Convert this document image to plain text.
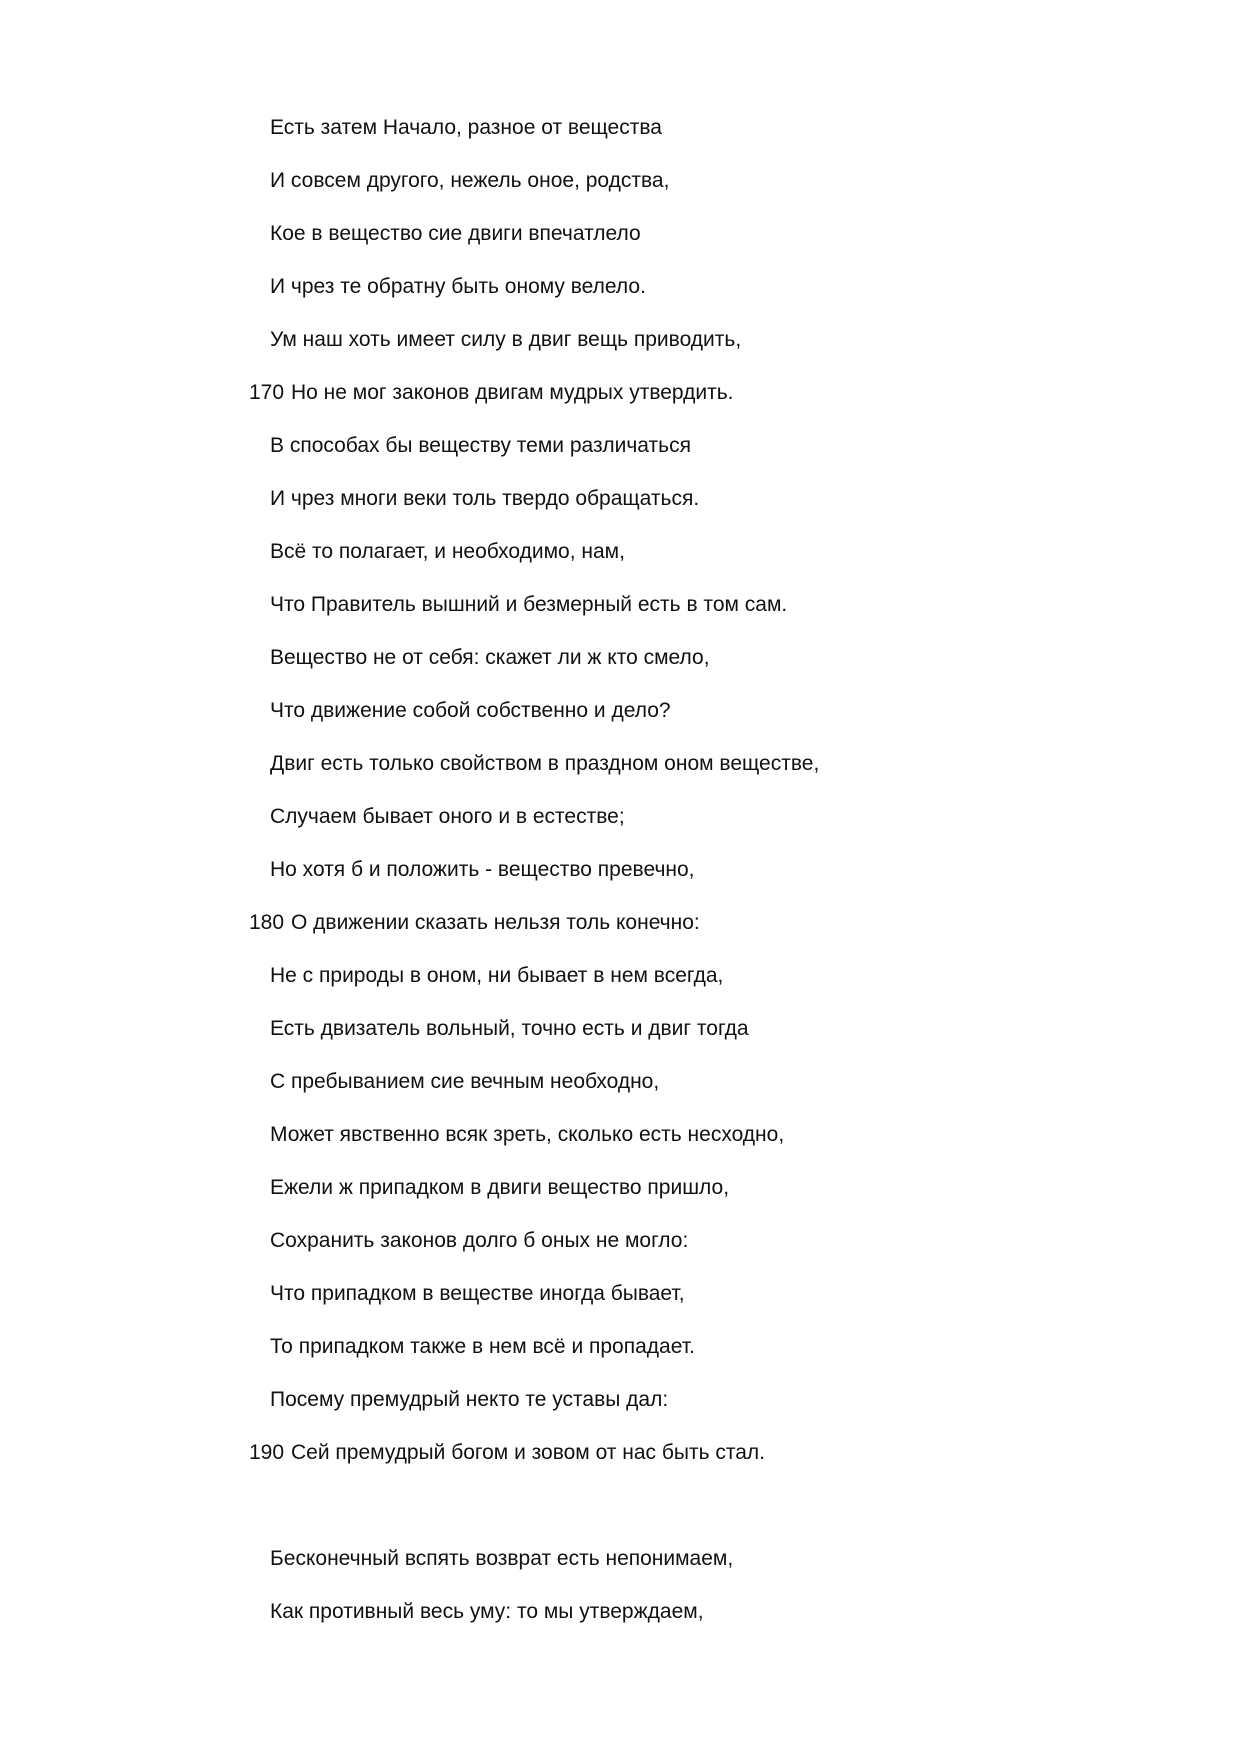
Есть затем Начало, разное от вещества
И совсем другого, нежель оное, родства,
Кое в вещество сие двиги впечатлело
И чрез те обратну быть оному велело.
Ум наш хоть имеет силу в двиг вещь приводить,
170 Но не мог законов двигам мудрых утвердить.
В способах бы веществу теми различаться
И чрез многи веки толь твердо обращаться.
Всё то полагает, и необходимо, нам,
Что Правитель вышний и безмерный есть в том сам.
Вещество не от себя: скажет ли ж кто смело,
Что движение собой собственно и дело?
Двиг есть только свойством в праздном оном веществе,
Случаем бывает оного и в естестве;
Но хотя б и положить - вещество превечно,
180 О движении сказать нельзя толь конечно:
Не с природы в оном, ни бывает в нем всегда,
Есть двизатель вольный, точно есть и двиг тогда
С пребыванием сие вечным необходно,
Может явственно всяк зреть, сколько есть несходно,
Ежели ж припадком в двиги вещество пришло,
Сохранить законов долго б оных не могло:
Что припадком в веществе иногда бывает,
То припадком также в нем всё и пропадает.
Посему премудрый некто те уставы дал:
190 Сей премудрый богом и зовом от нас быть стал.
Бесконечный вспять возврат есть непонимаем,
Как противный весь уму: то мы утверждаем,
